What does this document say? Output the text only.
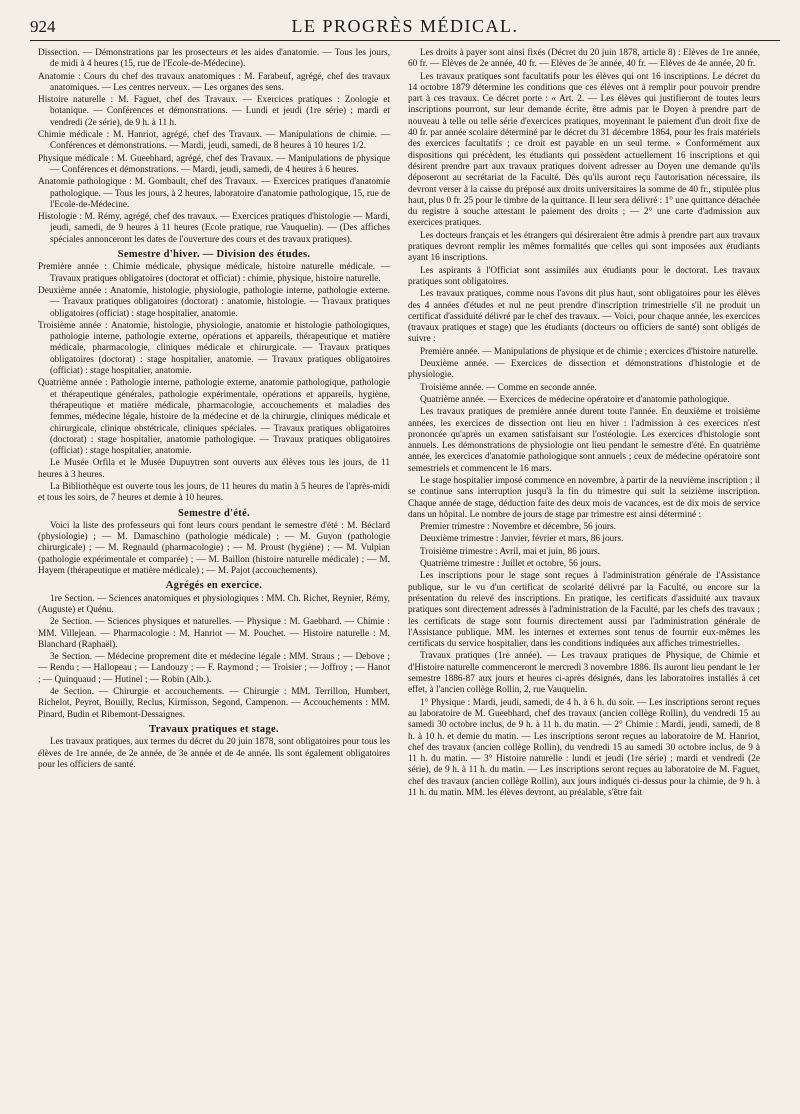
924	LE PROGRÈS MÉDICAL.
Dissection. — Démonstrations par les prosecteurs et les aides d'anatomie. — Tous les jours, de midi à 4 heures (15, rue de l'Ecole-de-Médecine).
Anatomie : Cours du chef des travaux anatomiques : M. Farabeuf, agrégé, chef des travaux anatomiques. — Les centres nerveux. — Les organes des sens.
Histoire naturelle : M. Faguet, chef des Travaux. — Exercices pratiques : Zoologie et botanique. — Conférences et démonstrations. — Lundi et jeudi (1re série) ; mardi et vendredi (2e série), de 9 h. à 11 h.
Chimie médicale : M. Hanriot, agrégé, chef des Travaux. — Manipulations de chimie. — Conférences et démonstrations. — Mardi, jeudi, samedi, de 8 heures à 10 heures 1/2.
Physique médicale : M. Gueebhard, agrégé, chef des Travaux. — Manipulations de physique — Conférences et démonstrations. — Mardi, jeudi, samedi, de 4 heures à 6 heures.
Anatomie pathologique : M. Gombault, chef des Travaux. — Exercices pratiques d'anatomie pathologique. — Tous les jours, à 2 heures, laboratoire d'anatomie pathologique, 15, rue de l'Ecole-de-Médecine.
Histologie : M. Rémy, agrégé, chef des travaux. — Exercices pratiques d'histologie — Mardi, jeudi, samedi, de 9 heures à 11 heures (Ecole pratique, rue Vauquelin). — (Des affiches spéciales annonceront les dates de l'ouverture des cours et des travaux pratiques).
Semestre d'hiver. — Division des études.
Première année : Chimie médicale, physique médicale, histoire naturelle médicale. — Travaux pratiques obligatoires (doctorat et officiat) : chimie, physique, histoire naturelle.
Deuxième année : Anatomie, histologie, physiologie, pathologie interne, pathologie externe. — Travaux pratiques obligatoires (doctorat) : anatomie, histologie. — Travaux pratiques obligatoires (officiat) : stage hospitalier, anatomie.
Troisième année : Anatomie, histologie, physiologie, anatomie et histologie pathologiques, pathologie interne, pathologie externe, opérations et appareils, thérapeutique et matière médicale, pharmacologie, cliniques médicale et chirurgicale. — Travaux pratiques obligatoires (doctorat) : stage hospitalier, anatomie. — Travaux pratiques obligatoires (officiat) : stage hospitalier, anatomie.
Quatrième année : Pathologie interne, pathologie externe, anatomie pathologique, pathologie et thérapeutique générales, pathologie expérimentale, opérations et appareils, hygiène, thérapeutique et matière médicale, pharmacologie, accouchements et maladies des femmes, médecine légale, histoire de la médecine et de la chirurgie, cliniques médicale et chirurgicale, clinique obstétricale, cliniques spéciales. — Travaux pratiques obligatoires (doctorat) : stage hospitalier, anatomie pathologique. — Travaux pratiques obligatoires (officiat) : stage hospitalier, anatomie.
Le Musée Orfila et le Musée Dupuytren sont ouverts aux élèves tous les jours, de 11 heures à 3 heures.
La Bibliothèque est ouverte tous les jours, de 11 heures du matin à 5 heures de l'après-midi et tous les soirs, de 7 heures et demie à 10 heures.
Semestre d'été.
Voici la liste des professeurs qui font leurs cours pendant le semestre d'été : M. Béclard (physiologie) ; — M. Damaschino (pathologie médicale) ; — M. Guyon (pathologie chirurgicale) ; — M. Regnauld (pharmacologie) ; — M. Proust (hygiène) ; — M. Vulpian (pathologie expérimentale et comparée) ; — M. Baillon (histoire naturelle médicale) ; — M. Hayem (thérapeutique et matière médicale) ; — M. Pajot (accouchements).
Agrégés en exercice.
1re Section. — Sciences anatomiques et physiologiques : MM. Ch. Richet, Reynier, Rémy, (Auguste) et Quénu.
2e Section. — Sciences physiques et naturelles. — Physique : M. Gaebhard. — Chimie : MM. Villejean. — Pharmacologie : M. Hanriot — M. Pouchet. — Histoire naturelle : M. Blanchard (Raphaël).
3e Section. — Médecine proprement dite et médecine légale : MM. Straus ; — Debove ; — Rendu ; — Hallopeau ; — Landouzy ; — F. Raymond ; — Troisier ; — Joffroy ; — Hanot ; — Quinquaud ; — Hutinel ; — Robin (Alb.).
4e Section. — Chirurgie et accouchements. — Chirurgie : MM. Terrillon, Humbert, Richelot, Peyrot, Bouilly, Reclus, Kirmisson, Segond, Campenon. — Accouchements : MM. Pinard, Budin et Ribemont-Dessaignes.
Travaux pratiques et stage.
Les travaux pratiques, aux termes du décret du 20 juin 1878, sont obligatoires pour tous les élèves de 1re année, de 2e année, de 3e année et de 4e année. Ils sont également obligatoires pour les officiers de santé.
Les droits à payer sont ainsi fixés (Décret du 20 juin 1878, article 8) : Elèves de 1re année, 60 fr. — Elèves de 2e année, 40 fr. — Elèves de 3e année, 40 fr. — Elèves de 4e année, 20 fr.
Les travaux pratiques sont facultatifs pour les élèves qui ont 16 inscriptions. Le décret du 14 octobre 1879 détermine les conditions que ces élèves ont à remplir pour pouvoir prendre part à ces travaux. Ce décret porte : « Art. 2. — Les élèves qui justifieront de toutes leurs inscriptions pourront, sur leur demande écrite, être admis par le Doyen à prendre part de nouveau à telle ou telle série d'exercices pratiques, moyennant le paiement d'un droit fixe de 40 fr. par année scolaire déterminé par le décret du 31 décembre 1864, pour les frais matériels des exercices facultatifs ; ce droit est payable en un seul terme. » Conformément aux dispositions qui précèdent, les étudiants qui possèdent actuellement 16 inscriptions et qui désirent prendre part aux travaux pratiques doivent adresser au Doyen une demande qu'ils déposeront au secrétariat de la Faculté. Dès qu'ils auront reçu l'autorisation nécessaire, ils devront verser à la caisse du préposé aux droits universitaires la somme de 40 fr., stipulée plus haut, plus 0 fr. 25 pour le timbre de la quittance. Il leur sera délivré : 1° une quittance détachée du registre à souche attestant le paiement des droits ; — 2° une carte d'admission aux exercices pratiques.
Les docteurs français et les étrangers qui désireraient être admis à prendre part aux travaux pratiques devront remplir les mêmes formalités que celles qui sont imposées aux étudiants ayant 16 inscriptions.
Les aspirants à l'Officiat sont assimilés aux étudiants pour le doctorat. Les travaux pratiques sont obligatoires.
Les travaux pratiques, comme nous l'avons dit plus haut, sont obligatoires pour les élèves des 4 années d'études et nul ne peut prendre d'inscription trimestrielle s'il ne produit un certificat d'assiduité délivré par le chef des travaux. — Voici, pour chaque année, les exercices (travaux pratiques et stage) que les étudiants (docteurs ou officiers de santé) sont obligés de suivre :
Première année. — Manipulations de physique et de chimie ; exercices d'histoire naturelle.
Deuxième année. — Exercices de dissection et démonstrations d'histologie et de physiologie.
Troisième année. — Comme en seconde année.
Quatrième année. — Exercices de médecine opératoire et d'anatomie pathologique.
Les travaux pratiques de première année durent toute l'année. En deuxième et troisième années, les exercices de dissection ont lieu en hiver : l'admission à ces exercices n'est prononcée qu'après un examen satisfaisant sur l'ostéologie. Les exercices d'histologie sont annuels. Les démonstrations de physiologie ont lieu pendant le semestre d'été. En quatrième année, les exercices d'anatomie pathologique sont annuels ; ceux de médecine opératoire sont semestriels et commencent le 16 mars.
Le stage hospitalier imposé commence en novembre, à partir de la neuvième inscription ; il se continue sans interruption jusqu'à la fin du trimestre qui suit la seizième inscription. Chaque année de stage, déduction faite des deux mois de vacances, est de dix mois de service dans un hôpital. Le nombre de jours de stage par trimestre est ainsi déterminé :
Premier trimestre : Novembre et décembre, 56 jours.
Deuxième trimestre : Janvier, février et mars, 86 jours.
Troisième trimestre : Avril, mai et juin, 86 jours.
Quatrième trimestre : Juillet et octobre, 56 jours.
Les inscriptions pour le stage sont reçues à l'administration générale de l'Assistance publique, sur le vu d'un certificat de scolarité délivré par la Faculté, ou encore sur la présentation du relevé des inscriptions. En pratique, les certificats d'assiduité aux travaux pratiques sont directement adressés à l'administration de la Faculté, par les chefs des travaux ; les certificats de stage sont fournis directement aussi par l'administration générale de l'Assistance publique. MM. les internes et externes sont tenus de fournir eux-mêmes les certificats du service hospitalier, dans les conditions indiquées aux affiches trimestrielles.
Travaux pratiques (1re année). — Les travaux pratiques de Physique, de Chimie et d'Histoire naturelle commenceront le mercredi 3 novembre 1886. Ils auront lieu pendant le 1er semestre 1886-87 aux jours et heures ci-après désignés, dans les laboratoires installés à cet effet, à l'ancien collège Rollin, 2, rue Vauquelin.
1° Physique : Mardi, jeudi, samedi, de 4 h. à 6 h. du soir. — Les inscriptions seront reçues au laboratoire de M. Gueebhard, chef des travaux (ancien collège Rollin), du vendredi 15 au samedi 30 octobre inclus, de 9 h. à 11 h. du matin. — 2° Chimie : Mardi, jeudi, samedi, de 8 h. à 10 h. et demie du matin. — Les inscriptions seront reçues au laboratoire de M. Hanriot, chef des travaux (ancien collège Rollin), du vendredi 15 au samedi 30 octobre inclus, de 9 à 11 h. du matin. — 3° Histoire naturelle : lundi et jeudi (1re série) ; mardi et vendredi (2e série), de 9 h. à 11 h. du matin. — Les inscriptions seront reçues au laboratoire de M. Faguet, chef des travaux (ancien collège Rollin), aux jours indiqués ci-dessus pour la chimie, de 9 h. à 11 h. du matin. MM. les élèves devront, au préalable, s'être fait
